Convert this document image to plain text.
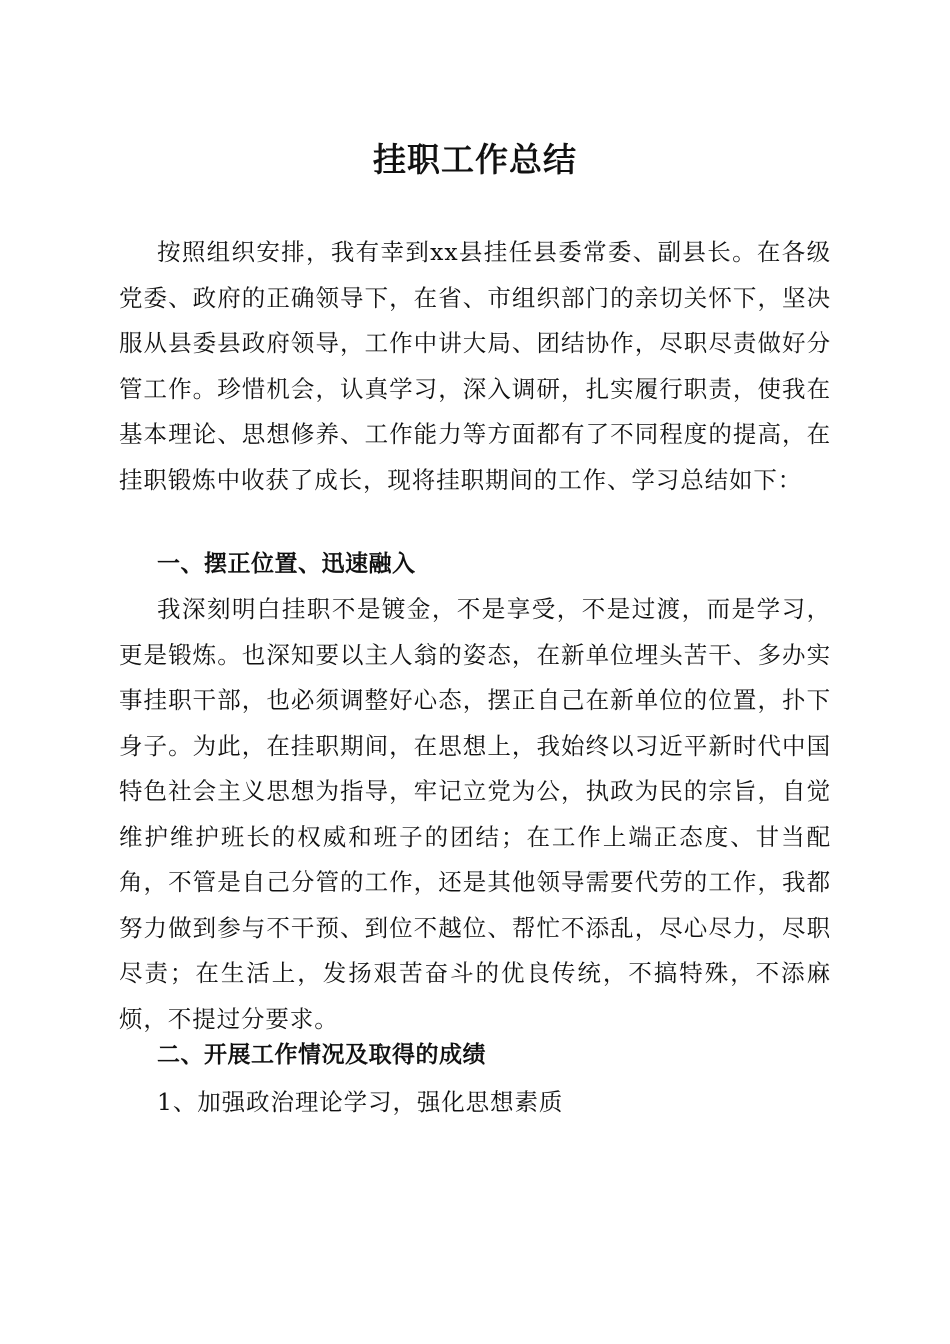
挂职工作总结

按照组织安排，我有幸到xx县挂任县委常委、副县长。在各级党委、政府的正确领导下，在省、市组织部门的亲切关怀下，坚决服从县委县政府领导，工作中讲大局、团结协作，尽职尽责做好分管工作。珍惜机会，认真学习，深入调研，扎实履行职责，使我在基本理论、思想修养、工作能力等方面都有了不同程度的提高，在挂职锻炼中收获了成长，现将挂职期间的工作、学习总结如下：

一、摆正位置、迅速融入

我深刻明白挂职不是镀金，不是享受，不是过渡，而是学习，更是锻炼。也深知要以主人翁的姿态，在新单位埋头苦干、多办实事挂职干部，也必须调整好心态，摆正自己在新单位的位置，扑下身子。为此，在挂职期间，在思想上，我始终以习近平新时代中国特色社会主义思想为指导，牢记立党为公，执政为民的宗旨，自觉维护维护班长的权威和班子的团结；在工作上端正态度、甘当配角，不管是自己分管的工作，还是其他领导需要代劳的工作，我都努力做到参与不干预、到位不越位、帮忙不添乱，尽心尽力，尽职尽责；在生活上，发扬艰苦奋斗的优良传统，不搞特殊，不添麻烦，不提过分要求。

二、开展工作情况及取得的成绩

1、加强政治理论学习，强化思想素质
